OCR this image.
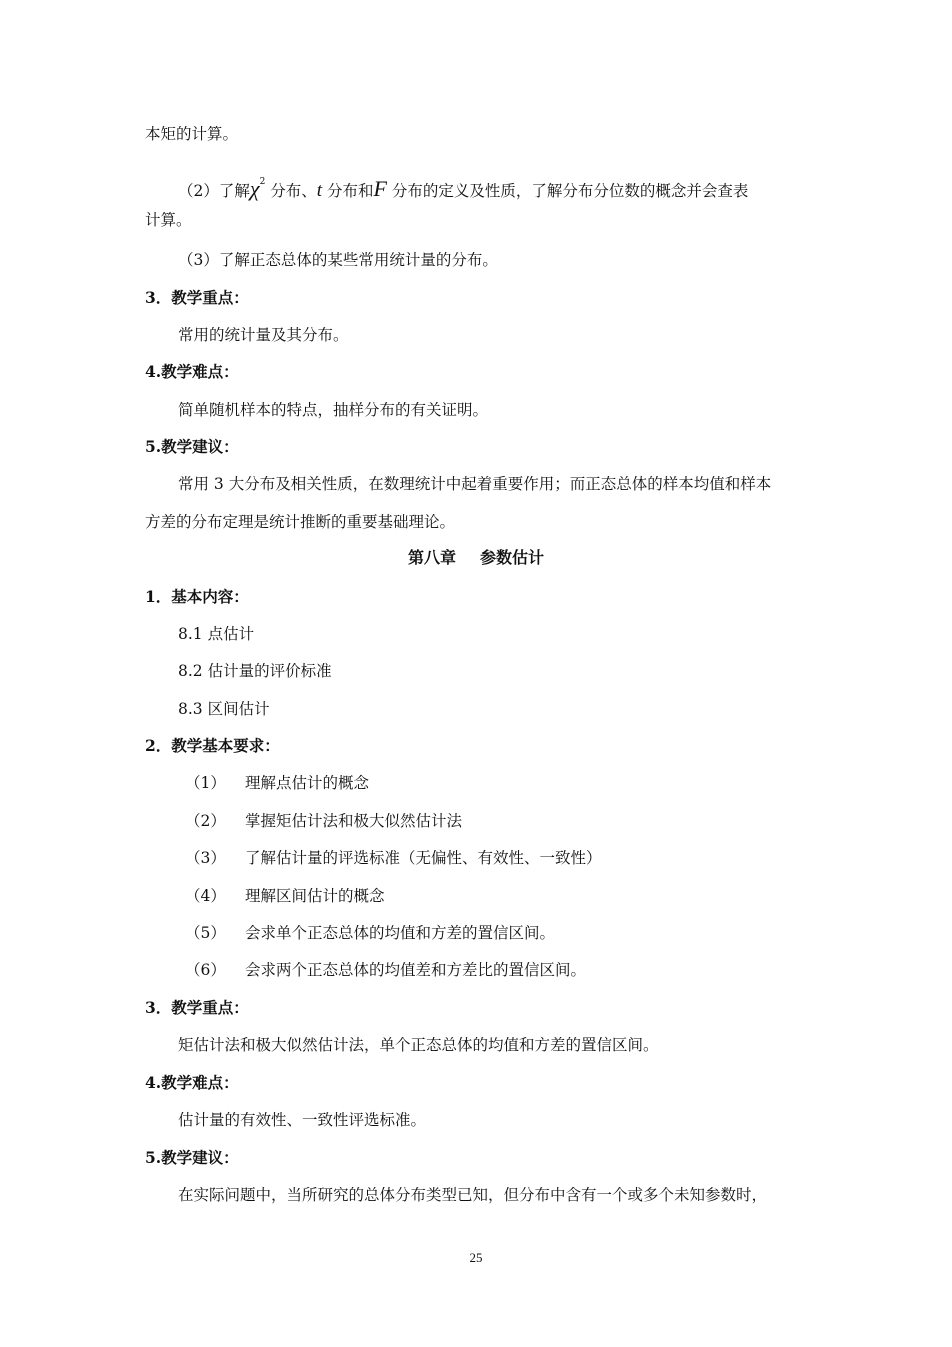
本矩的计算。
（2）了解$\chi^2$ 分布、t 分布和F 分布的定义及性质，了解分布分位数的概念并会查表
计算。
（3）了解正态总体的某些常用统计量的分布。
3．教学重点：
常用的统计量及其分布。
4.教学难点：
简单随机样本的特点，抽样分布的有关证明。
5.教学建议：
常用 3 大分布及相关性质，在数理统计中起着重要作用；而正态总体的样本均值和样本
方差的分布定理是统计推断的重要基础理论。
第八章 参数估计
1．基本内容：
8.1 点估计
8.2 估计量的评价标准
8.3 区间估计
2．教学基本要求：
（1） 理解点估计的概念
（2） 掌握矩估计法和极大似然估计法
（3） 了解估计量的评选标准（无偏性、有效性、一致性）
（4） 理解区间估计的概念
（5） 会求单个正态总体的均值和方差的置信区间。
（6） 会求两个正态总体的均值差和方差比的置信区间。
3．教学重点：
矩估计法和极大似然估计法，单个正态总体的均值和方差的置信区间。
4.教学难点：
估计量的有效性、一致性评选标准。
5.教学建议：
在实际问题中，当所研究的总体分布类型已知，但分布中含有一个或多个未知参数时，
25
